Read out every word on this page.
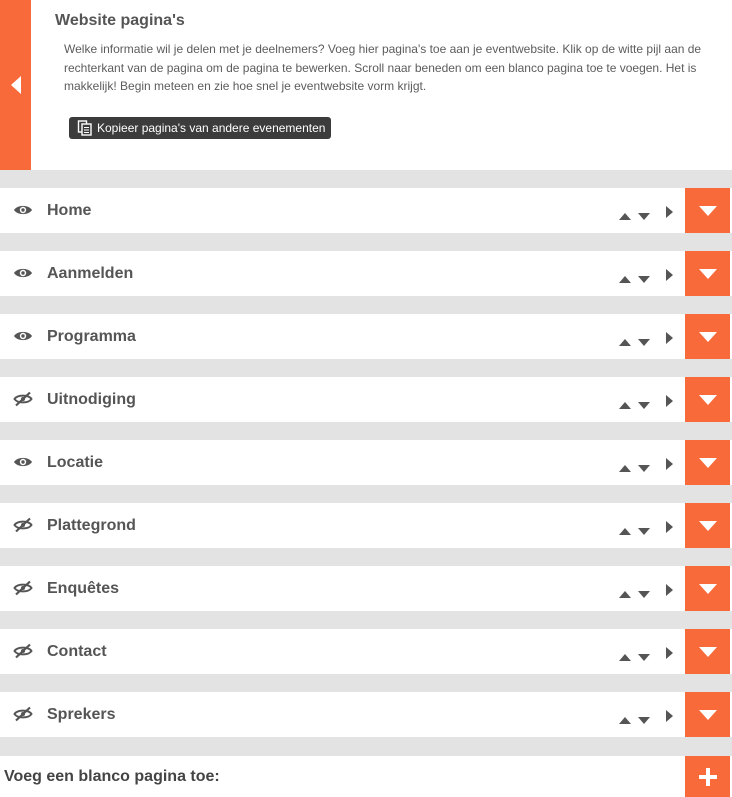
Website pagina's
Welke informatie wil je delen met je deelnemers? Voeg hier pagina's toe aan je eventwebsite. Klik op de witte pijl aan de rechterkant van de pagina om de pagina te bewerken. Scroll naar beneden om een blanco pagina toe te voegen. Het is makkelijk! Begin meteen en zie hoe snel je eventwebsite vorm krijgt.
Kopieer pagina's van andere evenementen
Home
Aanmelden
Programma
Uitnodiging
Locatie
Plattegrond
Enquêtes
Contact
Sprekers
Voeg een blanco pagina toe:
